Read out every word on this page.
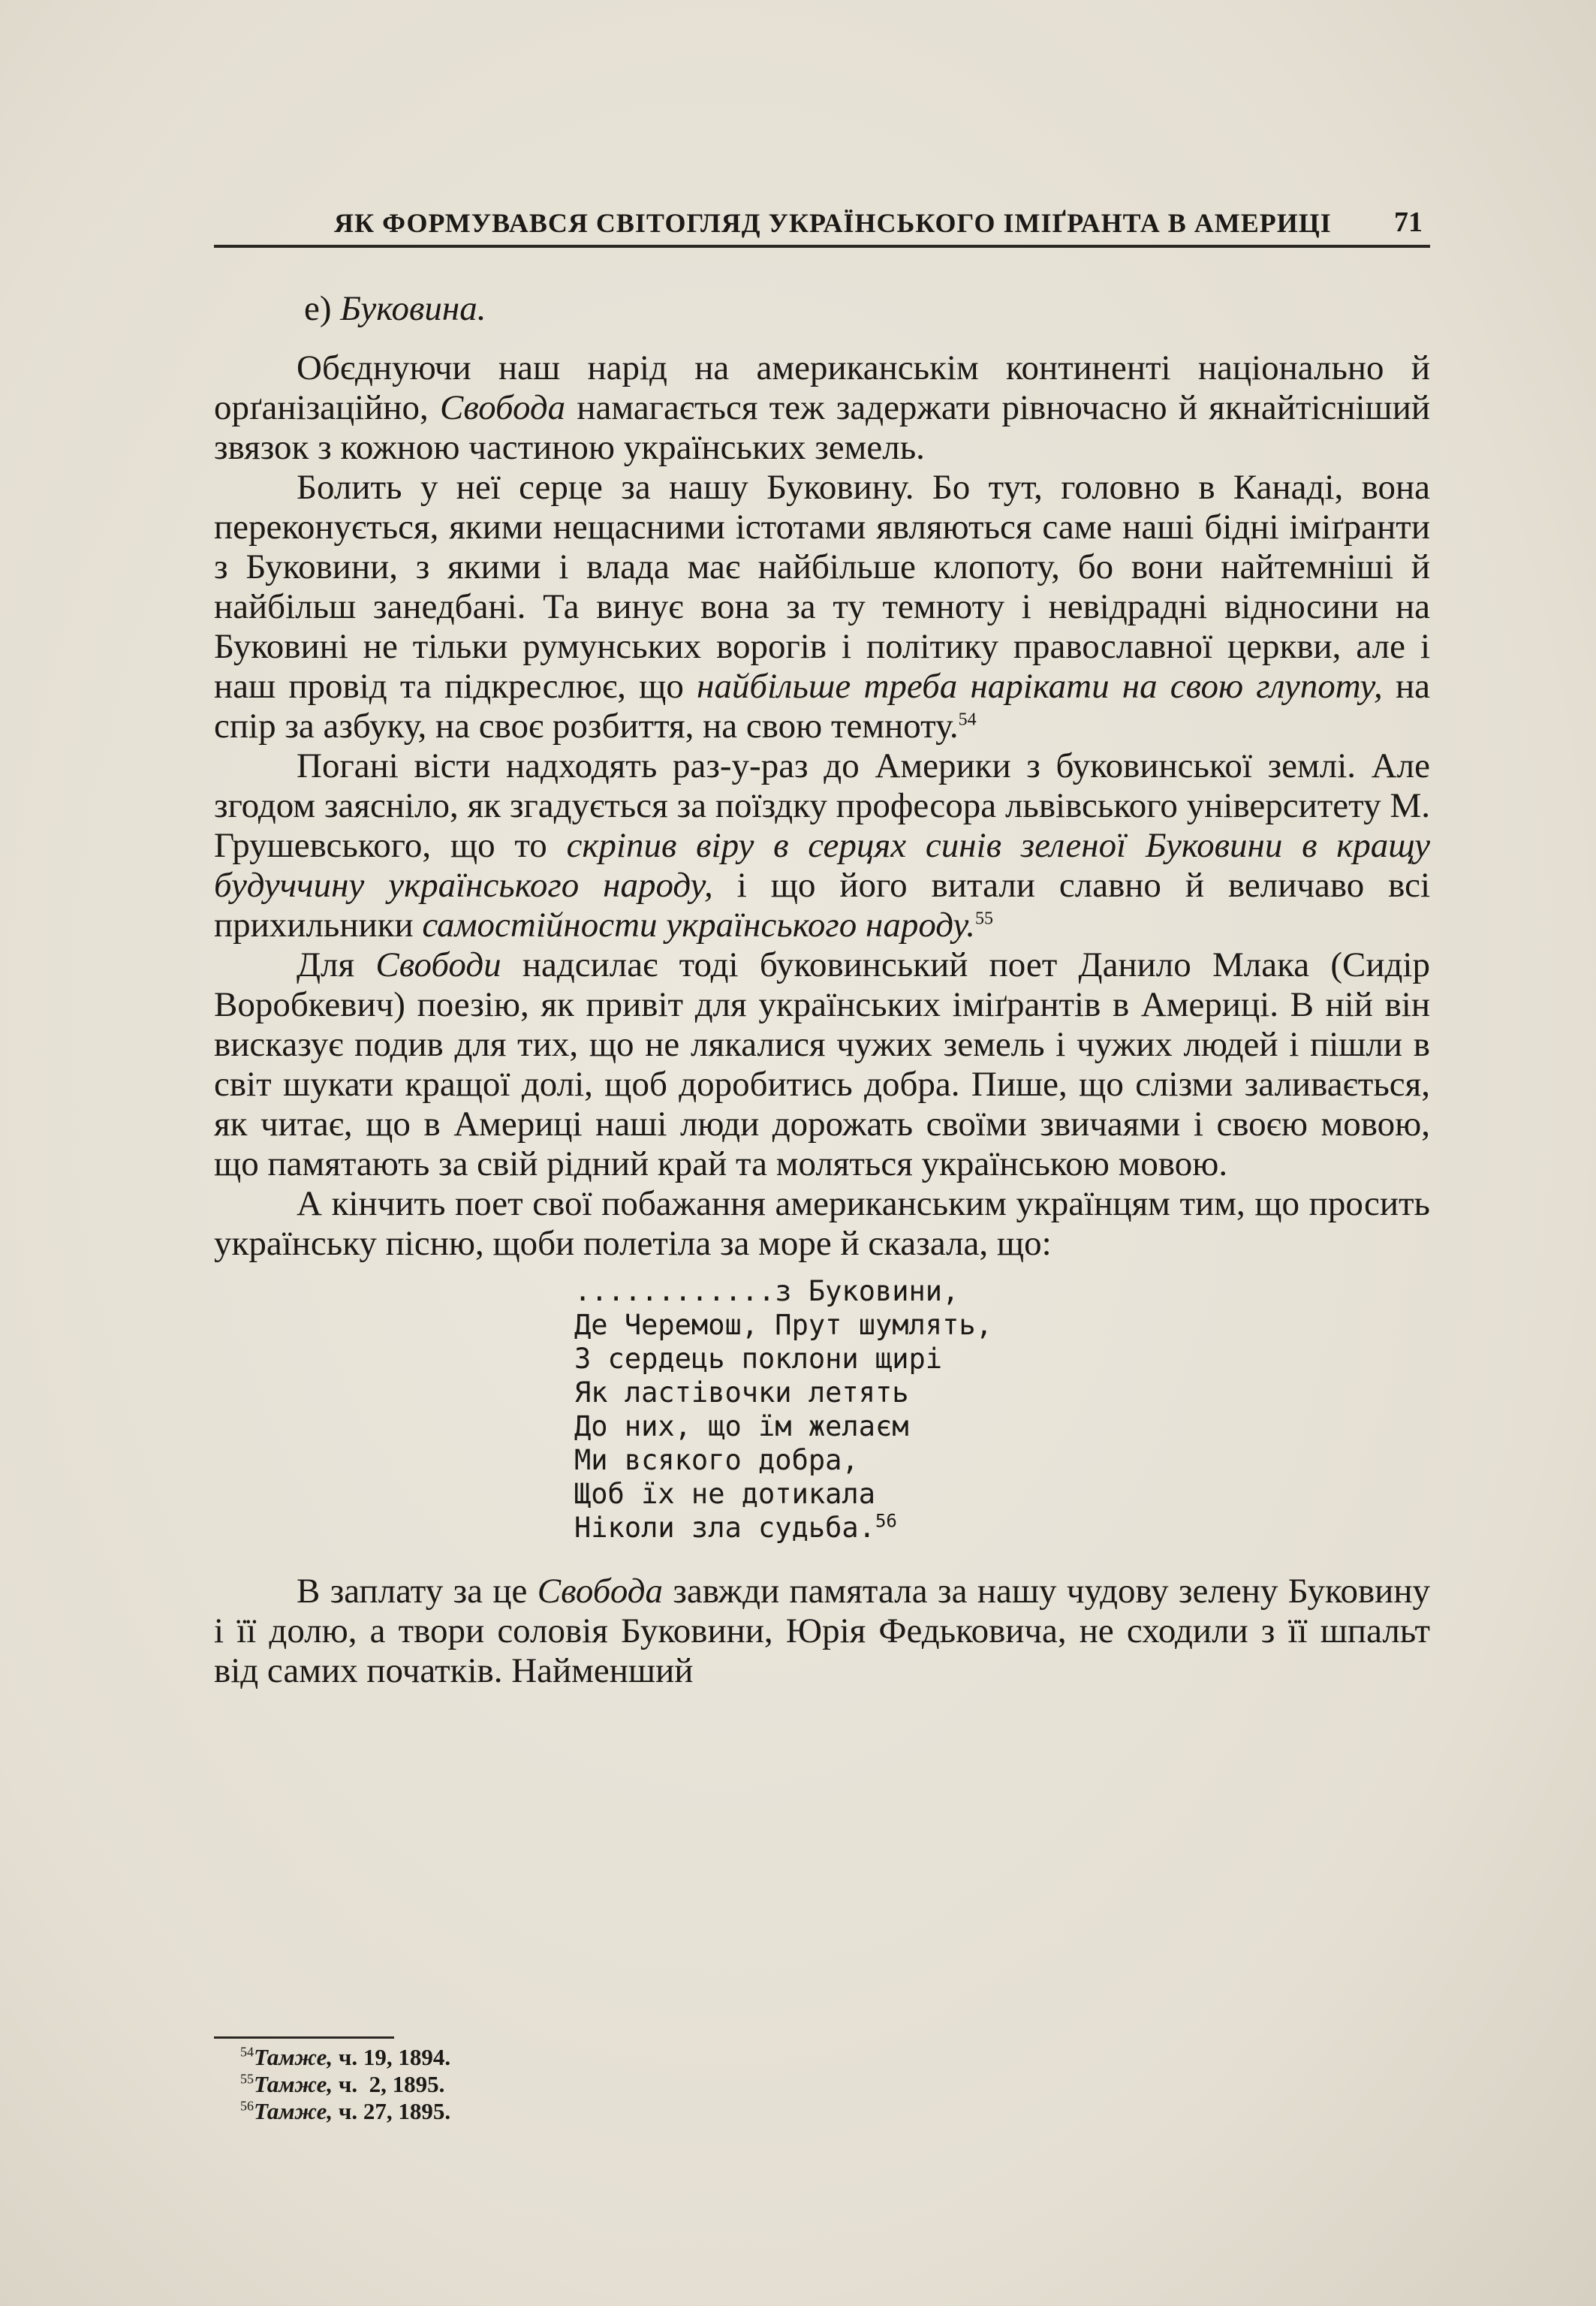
ЯК ФОРМУВАВСЯ СВІТОГЛЯД УКРАЇНСЬКОГО ІМІҐРАНТА В АМЕРИЦІ 71

е) Буковина.

Обєднуючи наш нарід на американськім континенті національно й орґанізаційно, Свобода намагається теж задержати рівночасно й якнайтісніший звязок з кожною частиною українських земель.

Болить у неї серце за нашу Буковину. Бо тут, головно в Канаді, вона переконується, якими нещасними істотами являються саме наші бідні іміґранти з Буковини, з якими і влада має найбільше клопоту, бо вони найтемніші й найбільш занедбані. Та винує вона за ту темноту і невідрадні відносини на Буковині не тільки румунських ворогів і політику православної церкви, але і наш провід та підкреслює, що найбільше треба нарікати на свою глупоту, на спір за азбуку, на своє розбиття, на свою темноту.$^{54}$

Погані вісти надходять раз-у-раз до Америки з буковинської землі. Але згодом заясніло, як згадується за поїздку професора львівського університету М. Грушевського, що то скріпив віру в серцях синів зеленої Буковини в кращу будуччину українського народу, і що його витали славно й величаво всі прихильники самостійности українського народу.$^{55}$

Для Свободи надсилає тоді буковинський поет Данило Млака (Сидір Воробкевич) поезію, як привіт для українських іміґрантів в Америці. В ній він висказує подив для тих, що не лякалися чужих земель і чужих людей і пішли в світ шукати кращої долі, щоб доробитись добра. Пише, що слізми заливається, як читає, що в Америці наші люди дорожать своїми звичаями і своєю мовою, що памятають за свій рідний край та моляться українською мовою.

А кінчить поет свої побажання американським українцям тим, що просить українську пісню, щоби полетіла за море й сказала, що:

............з Буковини,
Де Черемош, Прут шумлять,
З сердець поклони щирі
Як ластівочки летять
До них, що їм желаєм
Ми всякого добра,
Щоб їх не дотикала
Ніколи зла судьба.$^{56}$

В заплату за це Свобода завжди памятала за нашу чудову зелену Буковину і її долю, а твори соловія Буковини, Юрія Федьковича, не сходили з її шпальт від самих початків. Найменший

$^{54}$Тамже, ч. 19, 1894.
$^{55}$Тамже, ч.  2, 1895.
$^{56}$Тамже, ч. 27, 1895.
